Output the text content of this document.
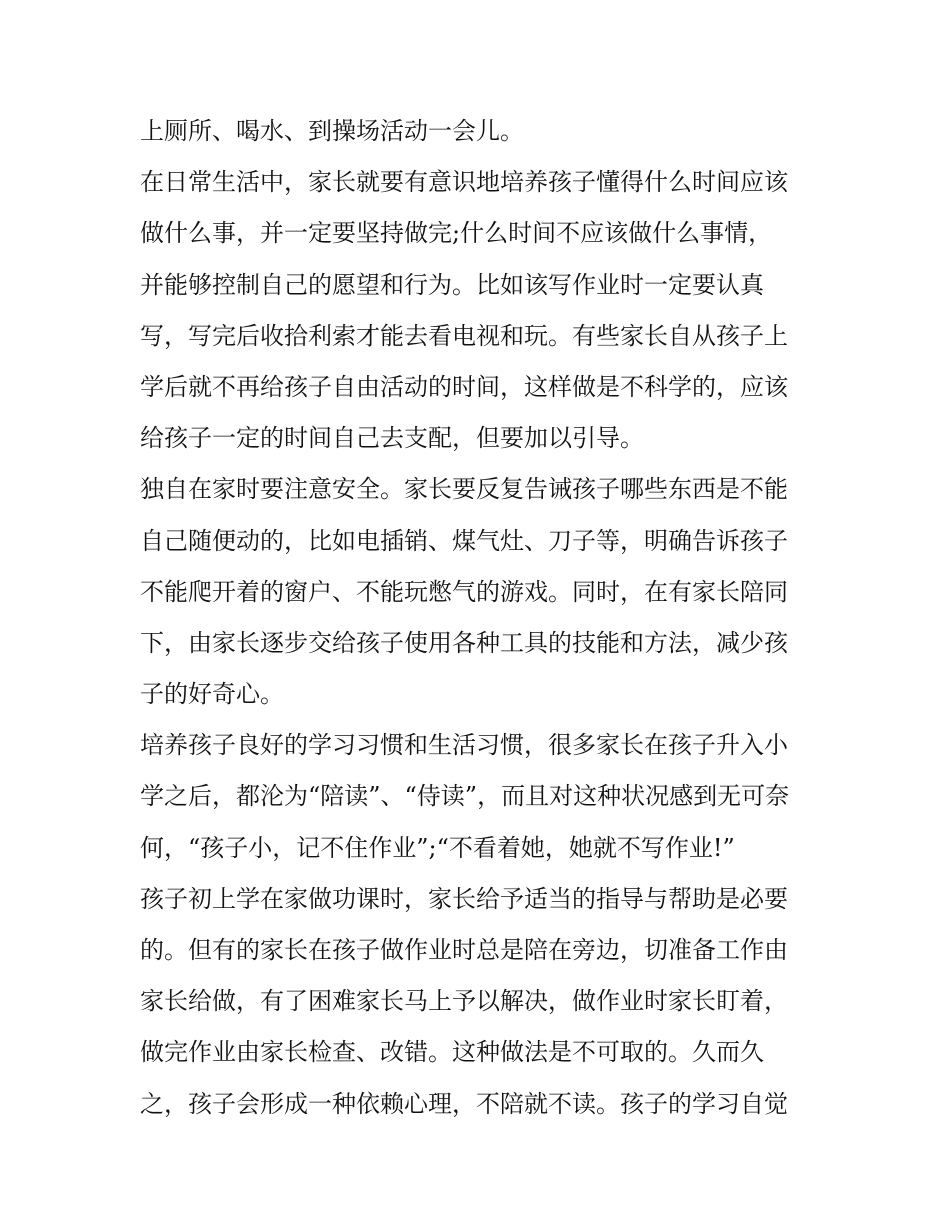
上厕所、喝水、到操场活动一会儿。
在日常生活中，家长就要有意识地培养孩子懂得什么时间应该
做什么事，并一定要坚持做完;什么时间不应该做什么事情，
并能够控制自己的愿望和行为。比如该写作业时一定要认真
写，写完后收拾利索才能去看电视和玩。有些家长自从孩子上
学后就不再给孩子自由活动的时间，这样做是不科学的，应该
给孩子一定的时间自己去支配，但要加以引导。
独自在家时要注意安全。家长要反复告诫孩子哪些东西是不能
自己随便动的，比如电插销、煤气灶、刀子等，明确告诉孩子
不能爬开着的窗户、不能玩憋气的游戏。同时，在有家长陪同
下，由家长逐步交给孩子使用各种工具的技能和方法，减少孩
子的好奇心。
培养孩子良好的学习习惯和生活习惯，很多家长在孩子升入小
学之后，都沦为“陪读”、“侍读”，而且对这种状况感到无可奈
何，“孩子小，记不住作业”;“不看着她，她就不写作业!”
孩子初上学在家做功课时，家长给予适当的指导与帮助是必要
的。但有的家长在孩子做作业时总是陪在旁边，切准备工作由
家长给做，有了困难家长马上予以解决，做作业时家长盯着，
做完作业由家长检查、改错。这种做法是不可取的。久而久
之，孩子会形成一种依赖心理，不陪就不读。孩子的学习自觉
